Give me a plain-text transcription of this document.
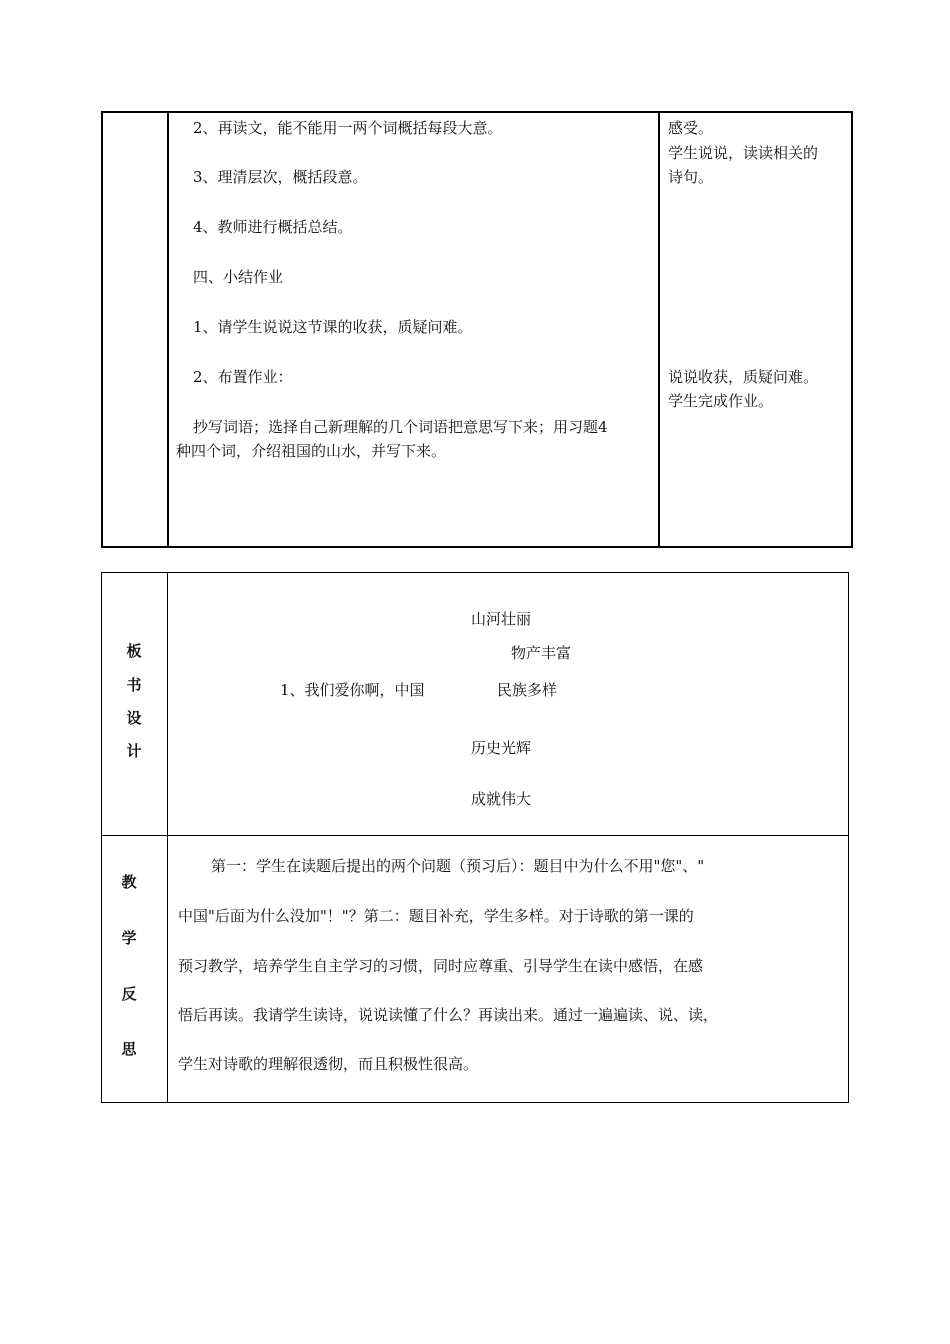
2、再读文，能不能用一两个词概括每段大意。
3、理清层次，概括段意。
4、教师进行概括总结。
四、小结作业
1、请学生说说这节课的收获，质疑问难。
2、布置作业：
抄写词语；选择自己新理解的几个词语把意思写下来；用习题4
种四个词，介绍祖国的山水，并写下来。
感受。
学生说说，读读相关的
诗句。
说说收获，质疑问难。
学生完成作业。
板
书
设
计
山河壮丽
物产丰富
1、我们爱你啊，中国	民族多样
历史光辉
成就伟大
教
学
反
思
第一：学生在读题后提出的两个问题（预习后）：题目中为什么不用"您"、"
中国"后面为什么没加"！"？第二：题目补充，学生多样。对于诗歌的第一课的
预习教学，培养学生自主学习的习惯，同时应尊重、引导学生在读中感悟，在感
悟后再读。我请学生读诗，说说读懂了什么？再读出来。通过一遍遍读、说、读，
学生对诗歌的理解很透彻，而且积极性很高。
